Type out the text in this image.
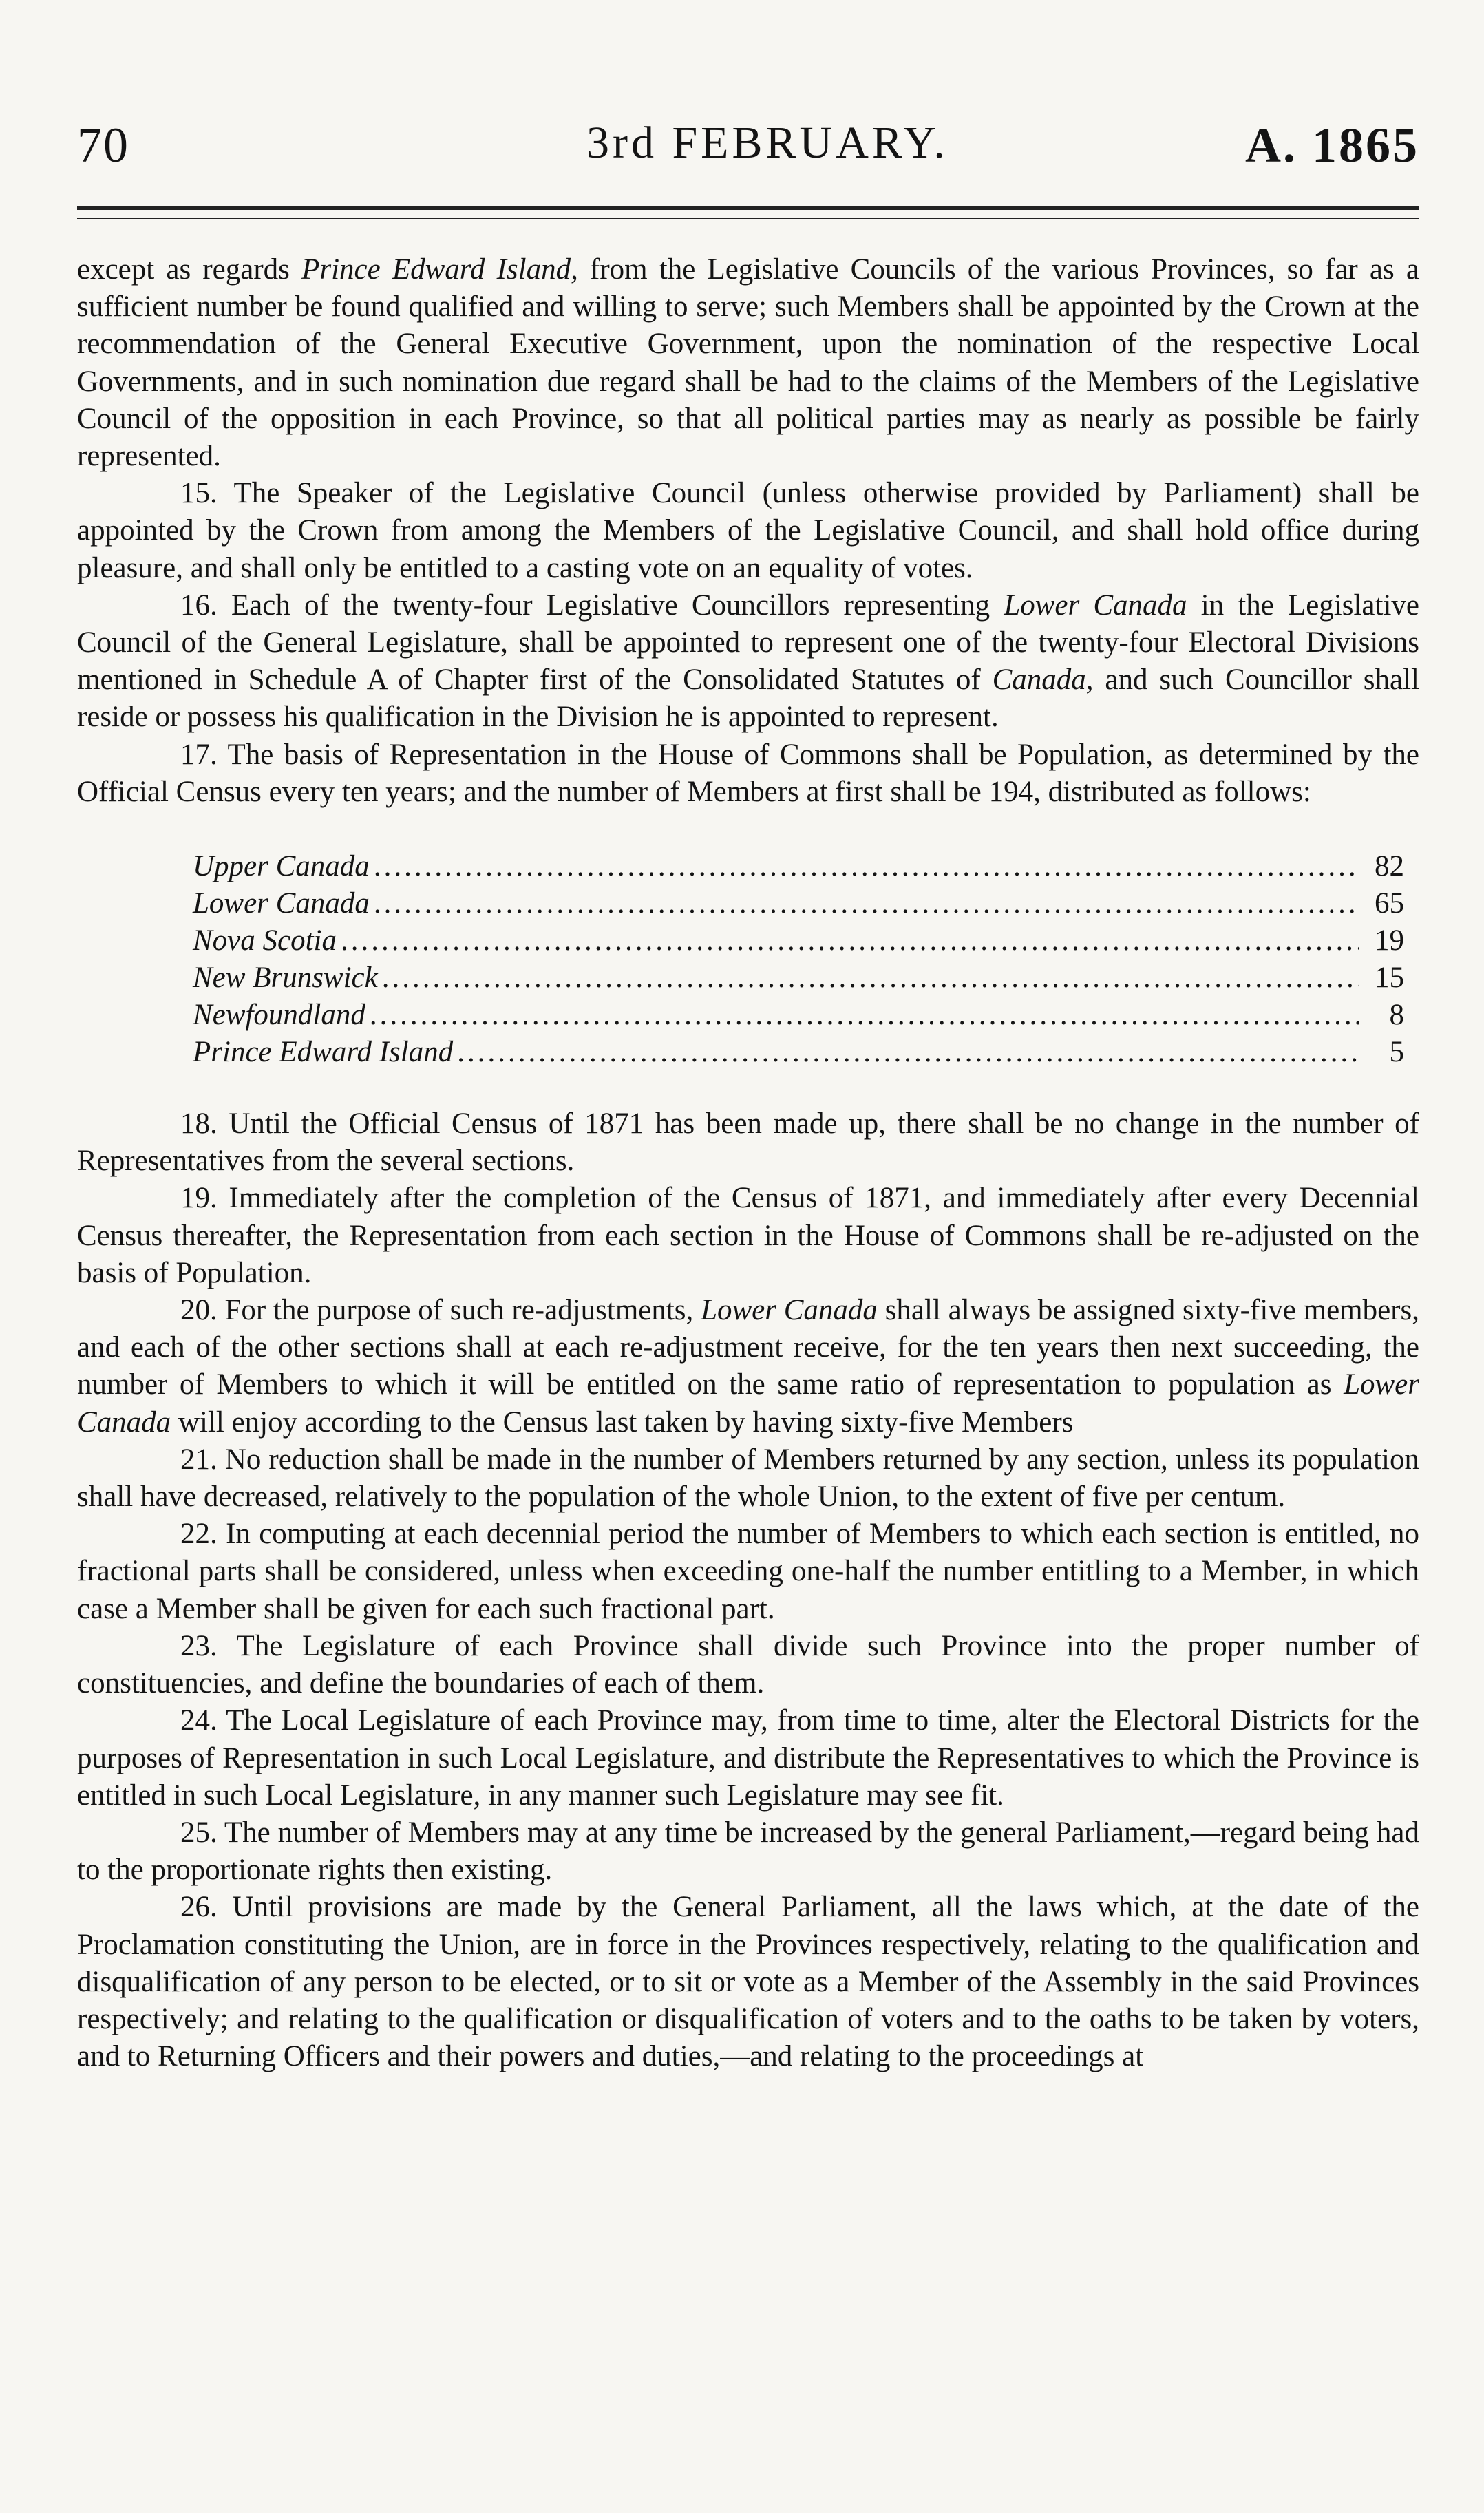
70	3rd FEBRUARY.	A. 1865

except as regards Prince Edward Island, from the Legislative Councils of the various Provinces, so far as a sufficient number be found qualified and willing to serve; such Members shall be appointed by the Crown at the recommendation of the General Executive Government, upon the nomination of the respective Local Governments, and in such nomination due regard shall be had to the claims of the Members of the Legislative Council of the opposition in each Province, so that all political parties may as nearly as possible be fairly represented.

15. The Speaker of the Legislative Council (unless otherwise provided by Parliament) shall be appointed by the Crown from among the Members of the Legislative Council, and shall hold office during pleasure, and shall only be entitled to a casting vote on an equality of votes.

16. Each of the twenty-four Legislative Councillors representing Lower Canada in the Legislative Council of the General Legislature, shall be appointed to represent one of the twenty-four Electoral Divisions mentioned in Schedule A of Chapter first of the Consolidated Statutes of Canada, and such Councillor shall reside or possess his qualification in the Division he is appointed to represent.

17. The basis of Representation in the House of Commons shall be Population, as determined by the Official Census every ten years; and the number of Members at first shall be 194, distributed as follows:

Upper Canada .....	82
Lower Canada .....	65
Nova Scotia .....	19
New Brunswick .....	15
Newfoundland .....	8
Prince Edward Island .....	5

18. Until the Official Census of 1871 has been made up, there shall be no change in the number of Representatives from the several sections.

19. Immediately after the completion of the Census of 1871, and immediately after every Decennial Census thereafter, the Representation from each section in the House of Commons shall be re-adjusted on the basis of Population.

20. For the purpose of such re-adjustments, Lower Canada shall always be assigned sixty-five members, and each of the other sections shall at each re-adjustment receive, for the ten years then next succeeding, the number of Members to which it will be entitled on the same ratio of representation to population as Lower Canada will enjoy according to the Census last taken by having sixty-five Members

21. No reduction shall be made in the number of Members returned by any section, unless its population shall have decreased, relatively to the population of the whole Union, to the extent of five per centum.

22. In computing at each decennial period the number of Members to which each section is entitled, no fractional parts shall be considered, unless when exceeding one-half the number entitling to a Member, in which case a Member shall be given for each such fractional part.

23. The Legislature of each Province shall divide such Province into the proper number of constituencies, and define the boundaries of each of them.

24. The Local Legislature of each Province may, from time to time, alter the Electoral Districts for the purposes of Representation in such Local Legislature, and distribute the Representatives to which the Province is entitled in such Local Legislature, in any manner such Legislature may see fit.

25. The number of Members may at any time be increased by the general Parliament,—regard being had to the proportionate rights then existing.

26. Until provisions are made by the General Parliament, all the laws which, at the date of the Proclamation constituting the Union, are in force in the Provinces respectively, relating to the qualification and disqualification of any person to be elected, or to sit or vote as a Member of the Assembly in the said Provinces respectively; and relating to the qualification or disqualification of voters and to the oaths to be taken by voters, and to Returning Officers and their powers and duties,—and relating to the proceedings at
